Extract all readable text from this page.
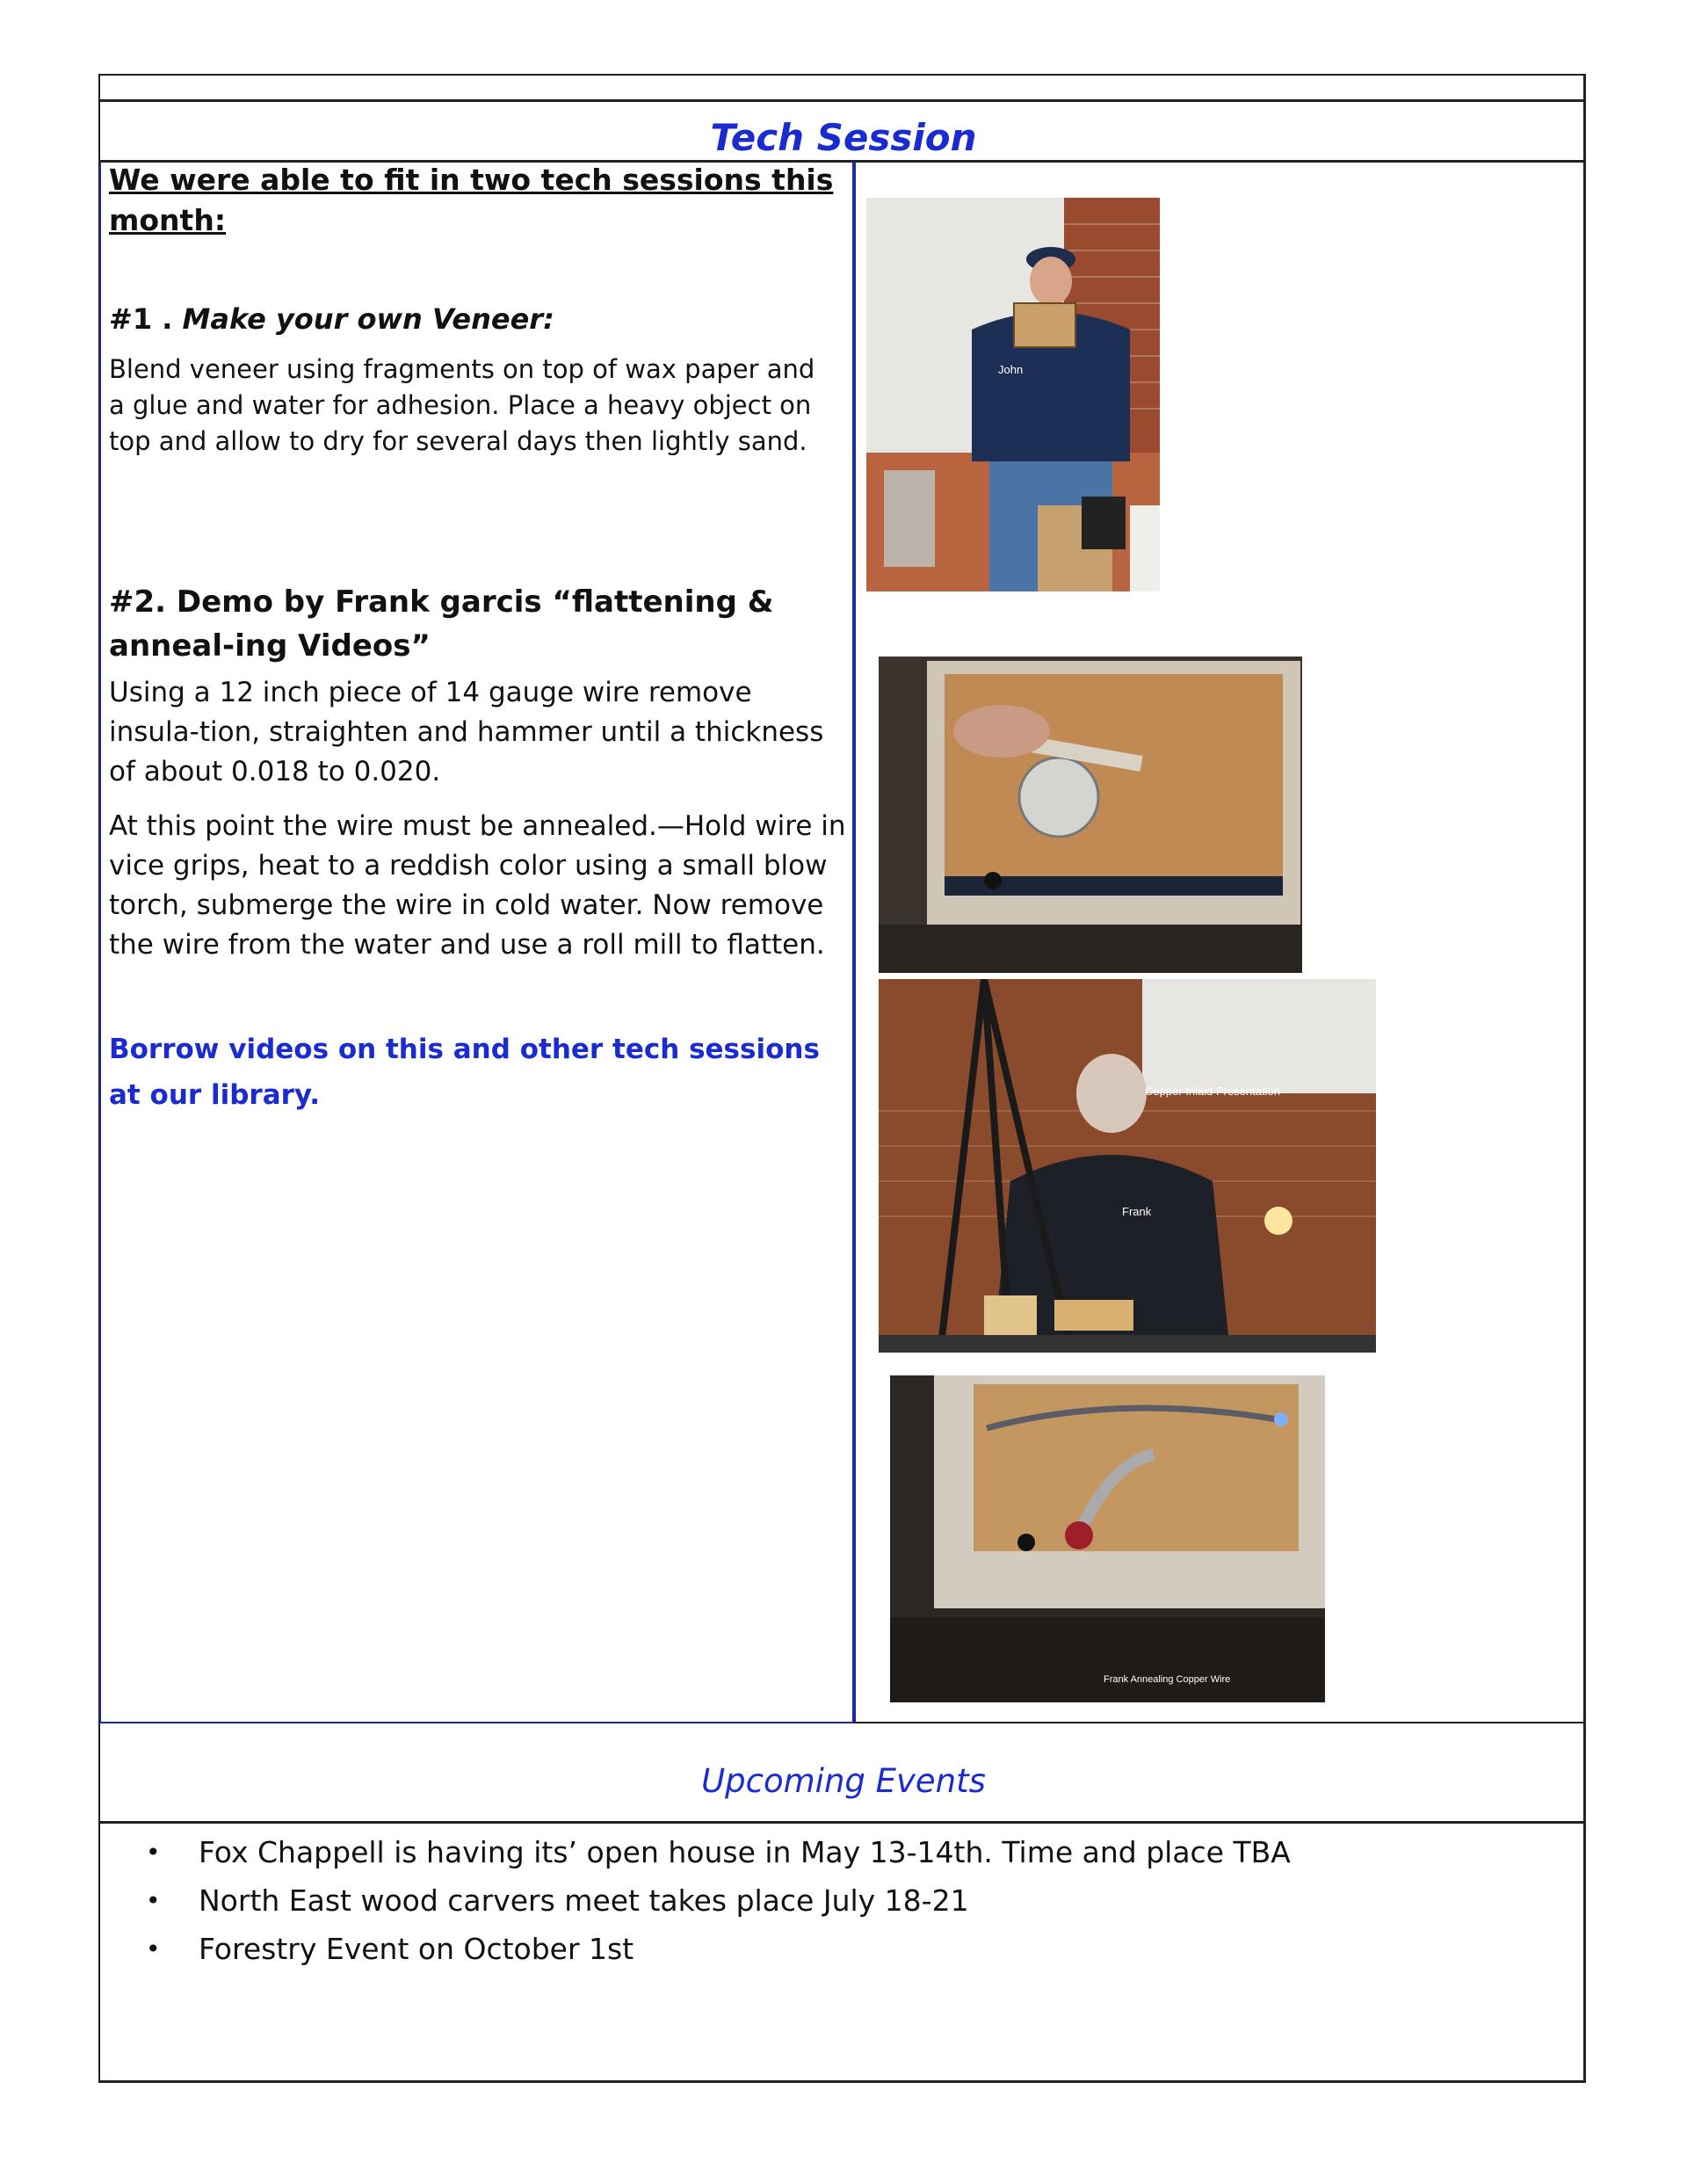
Tech Session
We were able to fit in two tech sessions this month:
#1 . Make your own Veneer:
Blend veneer using fragments on top of wax paper and a glue and water for adhesion. Place a heavy object on top and allow to dry for several days then lightly sand.
#2. Demo by Frank garcis “flattening & anneal-ing Videos”
Using a 12 inch piece of 14 gauge wire remove insula-tion, straighten and hammer until a thickness of about 0.018 to 0.020.
At this point the wire must be annealed.—Hold wire in vice grips, heat to a reddish color using a small blow torch, submerge the wire in cold water. Now remove the wire from the water and use a roll mill to flatten.
Borrow videos on this and other tech sessions at our library.
John
Copper Inlaid Presentation
Frank
Frank Annealing Copper Wire
Upcoming Events
• Fox Chappell is having its’ open house in May 13-14th. Time and place TBA
• North East wood carvers meet takes place July 18-21
• Forestry Event on October 1st
